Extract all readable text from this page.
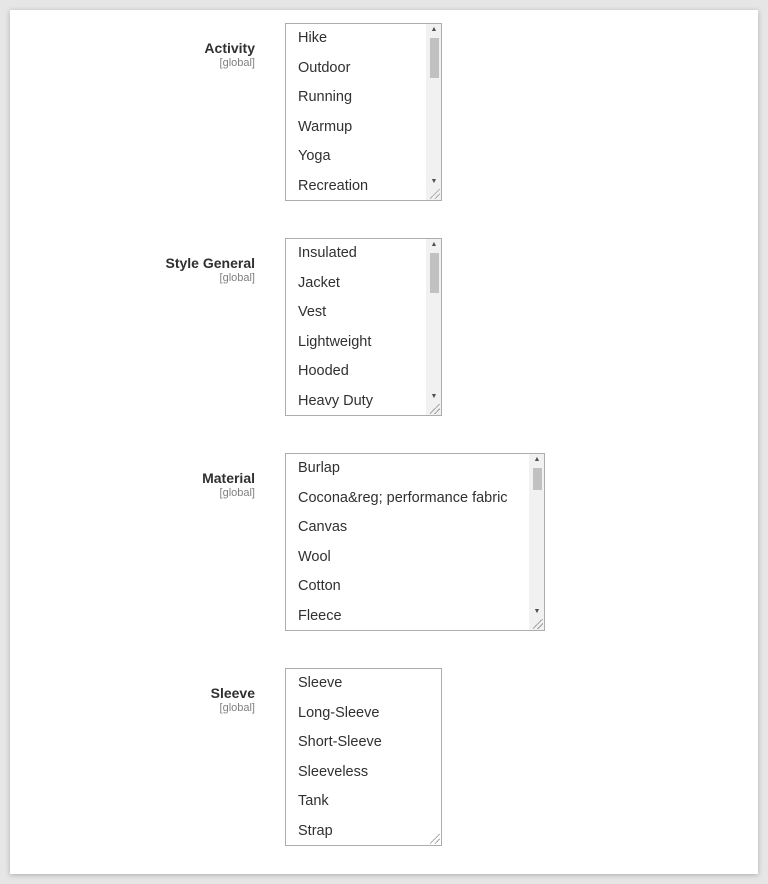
Activity
[global]
Hike
Outdoor
Running
Warmup
Yoga
Recreation
▲
▼
Style General
[global]
Insulated
Jacket
Vest
Lightweight
Hooded
Heavy Duty
▲
▼
Material
[global]
Burlap
Cocona&reg; performance fabric
Canvas
Wool
Cotton
Fleece
▲
▼
Sleeve
[global]
Sleeve
Long-Sleeve
Short-Sleeve
Sleeveless
Tank
Strap
